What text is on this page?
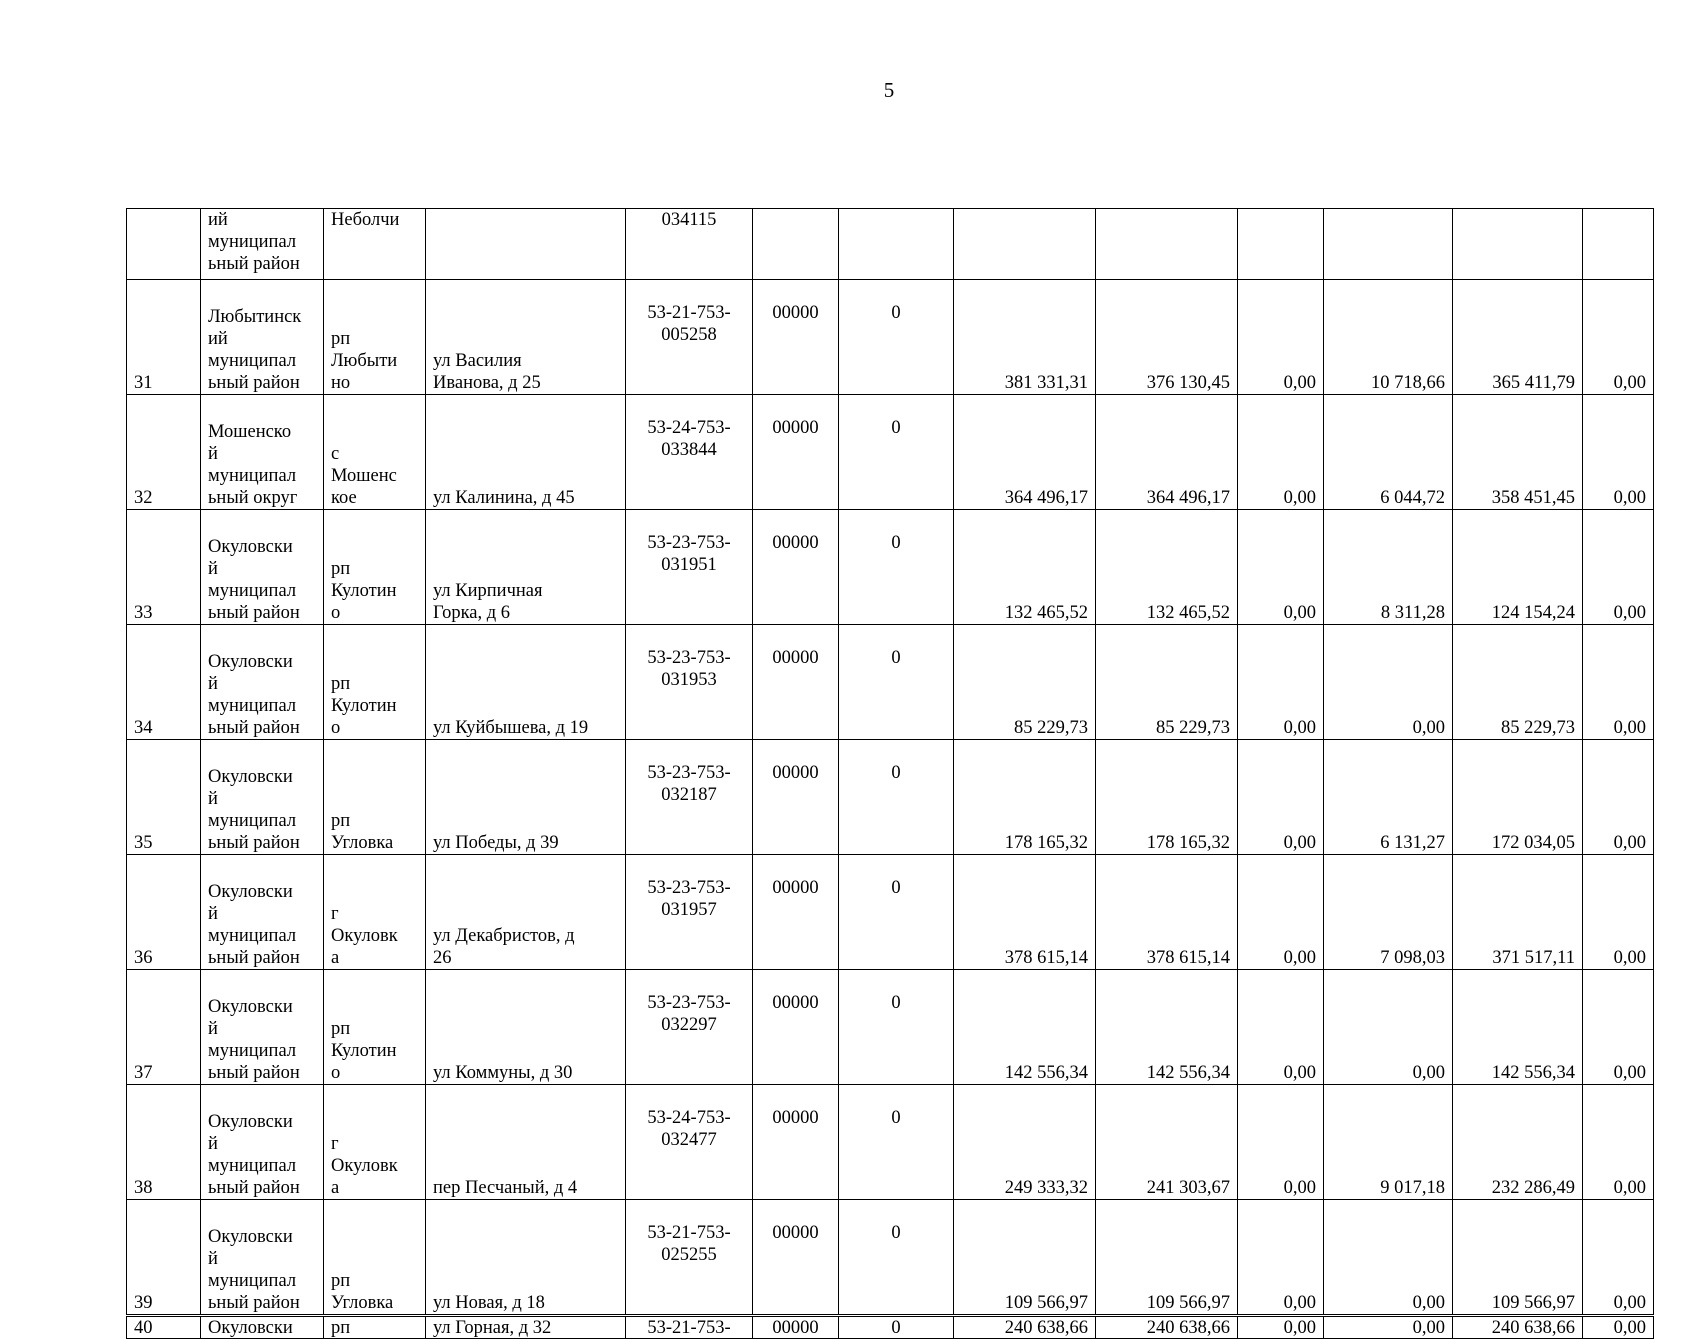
5
	ий
муниципал
ьный район	Неболчи		034115								
31	Любытинск
ий
муниципал
ьный район	рп
Любыти
но	ул Василия
Иванова, д 25	53-21-753-
005258	00000	0	381 331,31	376 130,45	0,00	10 718,66	365 411,79	0,00
32	Мошенско
й
муниципал
ьный округ	с
Мошенс
кое	ул Калинина, д 45	53-24-753-
033844	00000	0	364 496,17	364 496,17	0,00	6 044,72	358 451,45	0,00
33	Окуловски
й
муниципал
ьный район	рп
Кулотин
о	ул Кирпичная
Горка, д 6	53-23-753-
031951	00000	0	132 465,52	132 465,52	0,00	8 311,28	124 154,24	0,00
34	Окуловски
й
муниципал
ьный район	рп
Кулотин
о	ул Куйбышева, д 19	53-23-753-
031953	00000	0	85 229,73	85 229,73	0,00	0,00	85 229,73	0,00
35	Окуловски
й
муниципал
ьный район	рп
Угловка	ул Победы, д 39	53-23-753-
032187	00000	0	178 165,32	178 165,32	0,00	6 131,27	172 034,05	0,00
36	Окуловски
й
муниципал
ьный район	г
Окуловк
а	ул Декабристов, д
26	53-23-753-
031957	00000	0	378 615,14	378 615,14	0,00	7 098,03	371 517,11	0,00
37	Окуловски
й
муниципал
ьный район	рп
Кулотин
о	ул Коммуны, д 30	53-23-753-
032297	00000	0	142 556,34	142 556,34	0,00	0,00	142 556,34	0,00
38	Окуловски
й
муниципал
ьный район	г
Окуловк
а	пер Песчаный, д 4	53-24-753-
032477	00000	0	249 333,32	241 303,67	0,00	9 017,18	232 286,49	0,00
39	Окуловски
й
муниципал
ьный район	рп
Угловка	ул Новая, д 18	53-21-753-
025255	00000	0	109 566,97	109 566,97	0,00	0,00	109 566,97	0,00
40	Окуловски	рп	ул Горная, д 32	53-21-753-	00000	0	240 638,66	240 638,66	0,00	0,00	240 638,66	0,00
